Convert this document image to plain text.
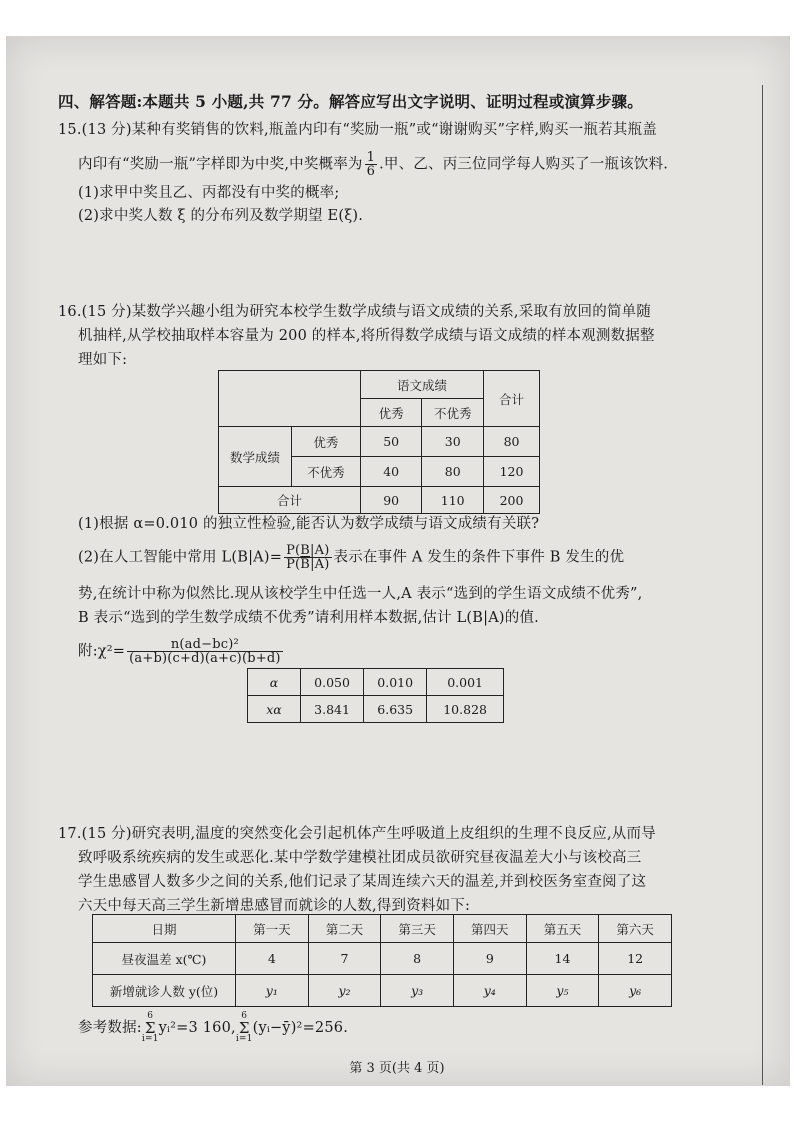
四、解答题:本题共 5 小题,共 77 分。解答应写出文字说明、证明过程或演算步骤。
15.(13 分)某种有奖销售的饮料,瓶盖内印有“奖励一瓶”或“谢谢购买”字样,购买一瓶若其瓶盖
内印有“奖励一瓶”字样即为中奖,中奖概率为 $\frac{1}{6}$ .甲、乙、丙三位同学每人购买了一瓶该饮料.
(1)求甲中奖且乙、丙都没有中奖的概率;
(2)求中奖人数 ξ 的分布列及数学期望 E(ξ).
16.(15 分)某数学兴趣小组为研究本校学生数学成绩与语文成绩的关系,采取有放回的简单随
机抽样,从学校抽取样本容量为 200 的样本,将所得数学成绩与语文成绩的样本观测数据整
理如下:
		语文成绩		合计
		优秀	不优秀	
数学成绩	优秀	50	30	80
	不优秀	40	80	120
合计		90	110	200
(1)根据 α=0.010 的独立性检验,能否认为数学成绩与语文成绩有关联?
(2)在人工智能中常用 $L(B|A)= \frac{P(B|A)}{P(\overline{B}|A)}$ 表示在事件 A 发生的条件下事件 B 发生的优
势,在统计中称为似然比.现从该校学生中任选一人,A 表示“选到的学生语文成绩不优秀”,
B 表示“选到的学生数学成绩不优秀”请利用样本数据,估计 L(B|A)的值.
附:χ²= $\frac{\text{n(ad−bc)²}}{(a+b)(c+d)(a+c)(b+d)}$
α	0.050	0.010	0.001
xα	3.841	6.635	10.828
17.(15 分)研究表明,温度的突然变化会引起机体产生呼吸道上皮组织的生理不良反应,从而导
致呼吸系统疾病的发生或恶化.某中学数学建模社团成员欲研究昼夜温差大小与该校高三
学生患感冒人数多少之间的关系,他们记录了某周连续六天的温差,并到校医务室查阅了这
六天中每天高三学生新增患感冒而就诊的人数,得到资料如下:
日期	第一天	第二天	第三天	第四天	第五天	第六天
昼夜温差 x(℃)	4	7	8	9	14	12
新增就诊人数 y(位)	y₁	y₂	y₃	y₄	y₅	y₆
参考数据:6
Σ
i=1yᵢ²=3 160,6
Σ
i=1(yᵢ−ȳ)²=256.
第 3 页(共 4 页)
